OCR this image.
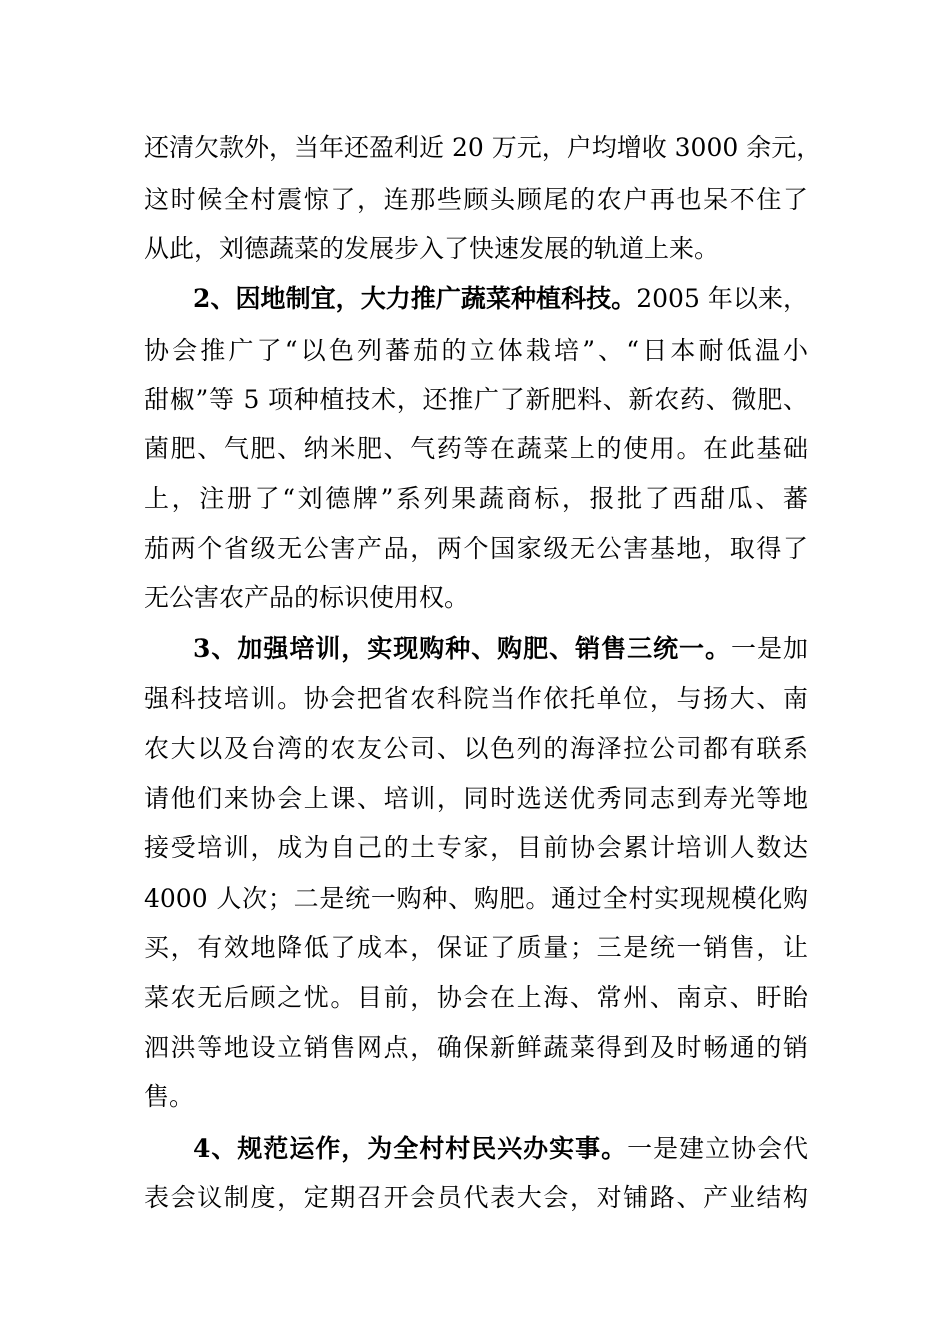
还清欠款外，当年还盈利近 20 万元，户均增收 3000 余元，
这时候全村震惊了，连那些顾头顾尾的农户再也呆不住了
从此，刘德蔬菜的发展步入了快速发展的轨道上来。
2、因地制宜，大力推广蔬菜种植科技。2005 年以来，
协会推广了“以色列蕃茄的立体栽培”、“日本耐低温小
甜椒”等 5 项种植技术，还推广了新肥料、新农药、微肥、
菌肥、气肥、纳米肥、气药等在蔬菜上的使用。在此基础
上，注册了“刘德牌”系列果蔬商标，报批了西甜瓜、蕃
茄两个省级无公害产品，两个国家级无公害基地，取得了
无公害农产品的标识使用权。
3、加强培训，实现购种、购肥、销售三统一。一是加
强科技培训。协会把省农科院当作依托单位，与扬大、南
农大以及台湾的农友公司、以色列的海泽拉公司都有联系
请他们来协会上课、培训，同时选送优秀同志到寿光等地
接受培训，成为自己的土专家，目前协会累计培训人数达
4000 人次；二是统一购种、购肥。通过全村实现规模化购
买，有效地降低了成本，保证了质量；三是统一销售，让
菜农无后顾之忧。目前，协会在上海、常州、南京、盱眙
泗洪等地设立销售网点，确保新鲜蔬菜得到及时畅通的销
售。
4、规范运作，为全村村民兴办实事。一是建立协会代
表会议制度，定期召开会员代表大会，对铺路、产业结构
